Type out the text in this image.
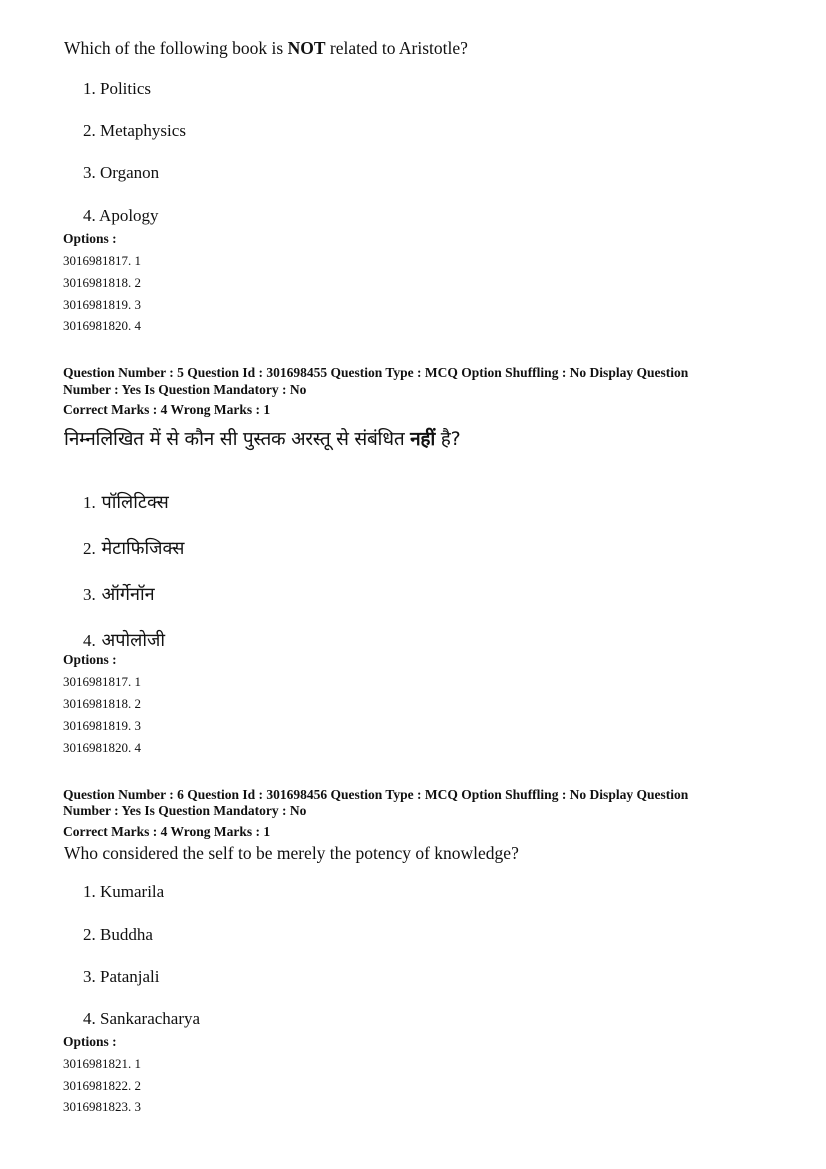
Which of the following book is NOT related to Aristotle?
1. Politics
2. Metaphysics
3. Organon
4. Apology
Options :
3016981817. 1
3016981818. 2
3016981819. 3
3016981820. 4
Question Number : 5 Question Id : 301698455 Question Type : MCQ Option Shuffling : No Display Question
Number : Yes Is Question Mandatory : No
Correct Marks : 4 Wrong Marks : 1
निम्नलिखित में से कौन सी पुस्तक अरस्तू से संबंधित नहीं है?
1. पॉलिटिक्स
2. मेटाफिजिक्स
3. ऑर्गेनॉन
4. अपोलोजी
Options :
3016981817. 1
3016981818. 2
3016981819. 3
3016981820. 4
Question Number : 6 Question Id : 301698456 Question Type : MCQ Option Shuffling : No Display Question
Number : Yes Is Question Mandatory : No
Correct Marks : 4 Wrong Marks : 1
Who considered the self to be merely the potency of knowledge?
1. Kumarila
2. Buddha
3. Patanjali
4. Sankaracharya
Options :
3016981821. 1
3016981822. 2
3016981823. 3
